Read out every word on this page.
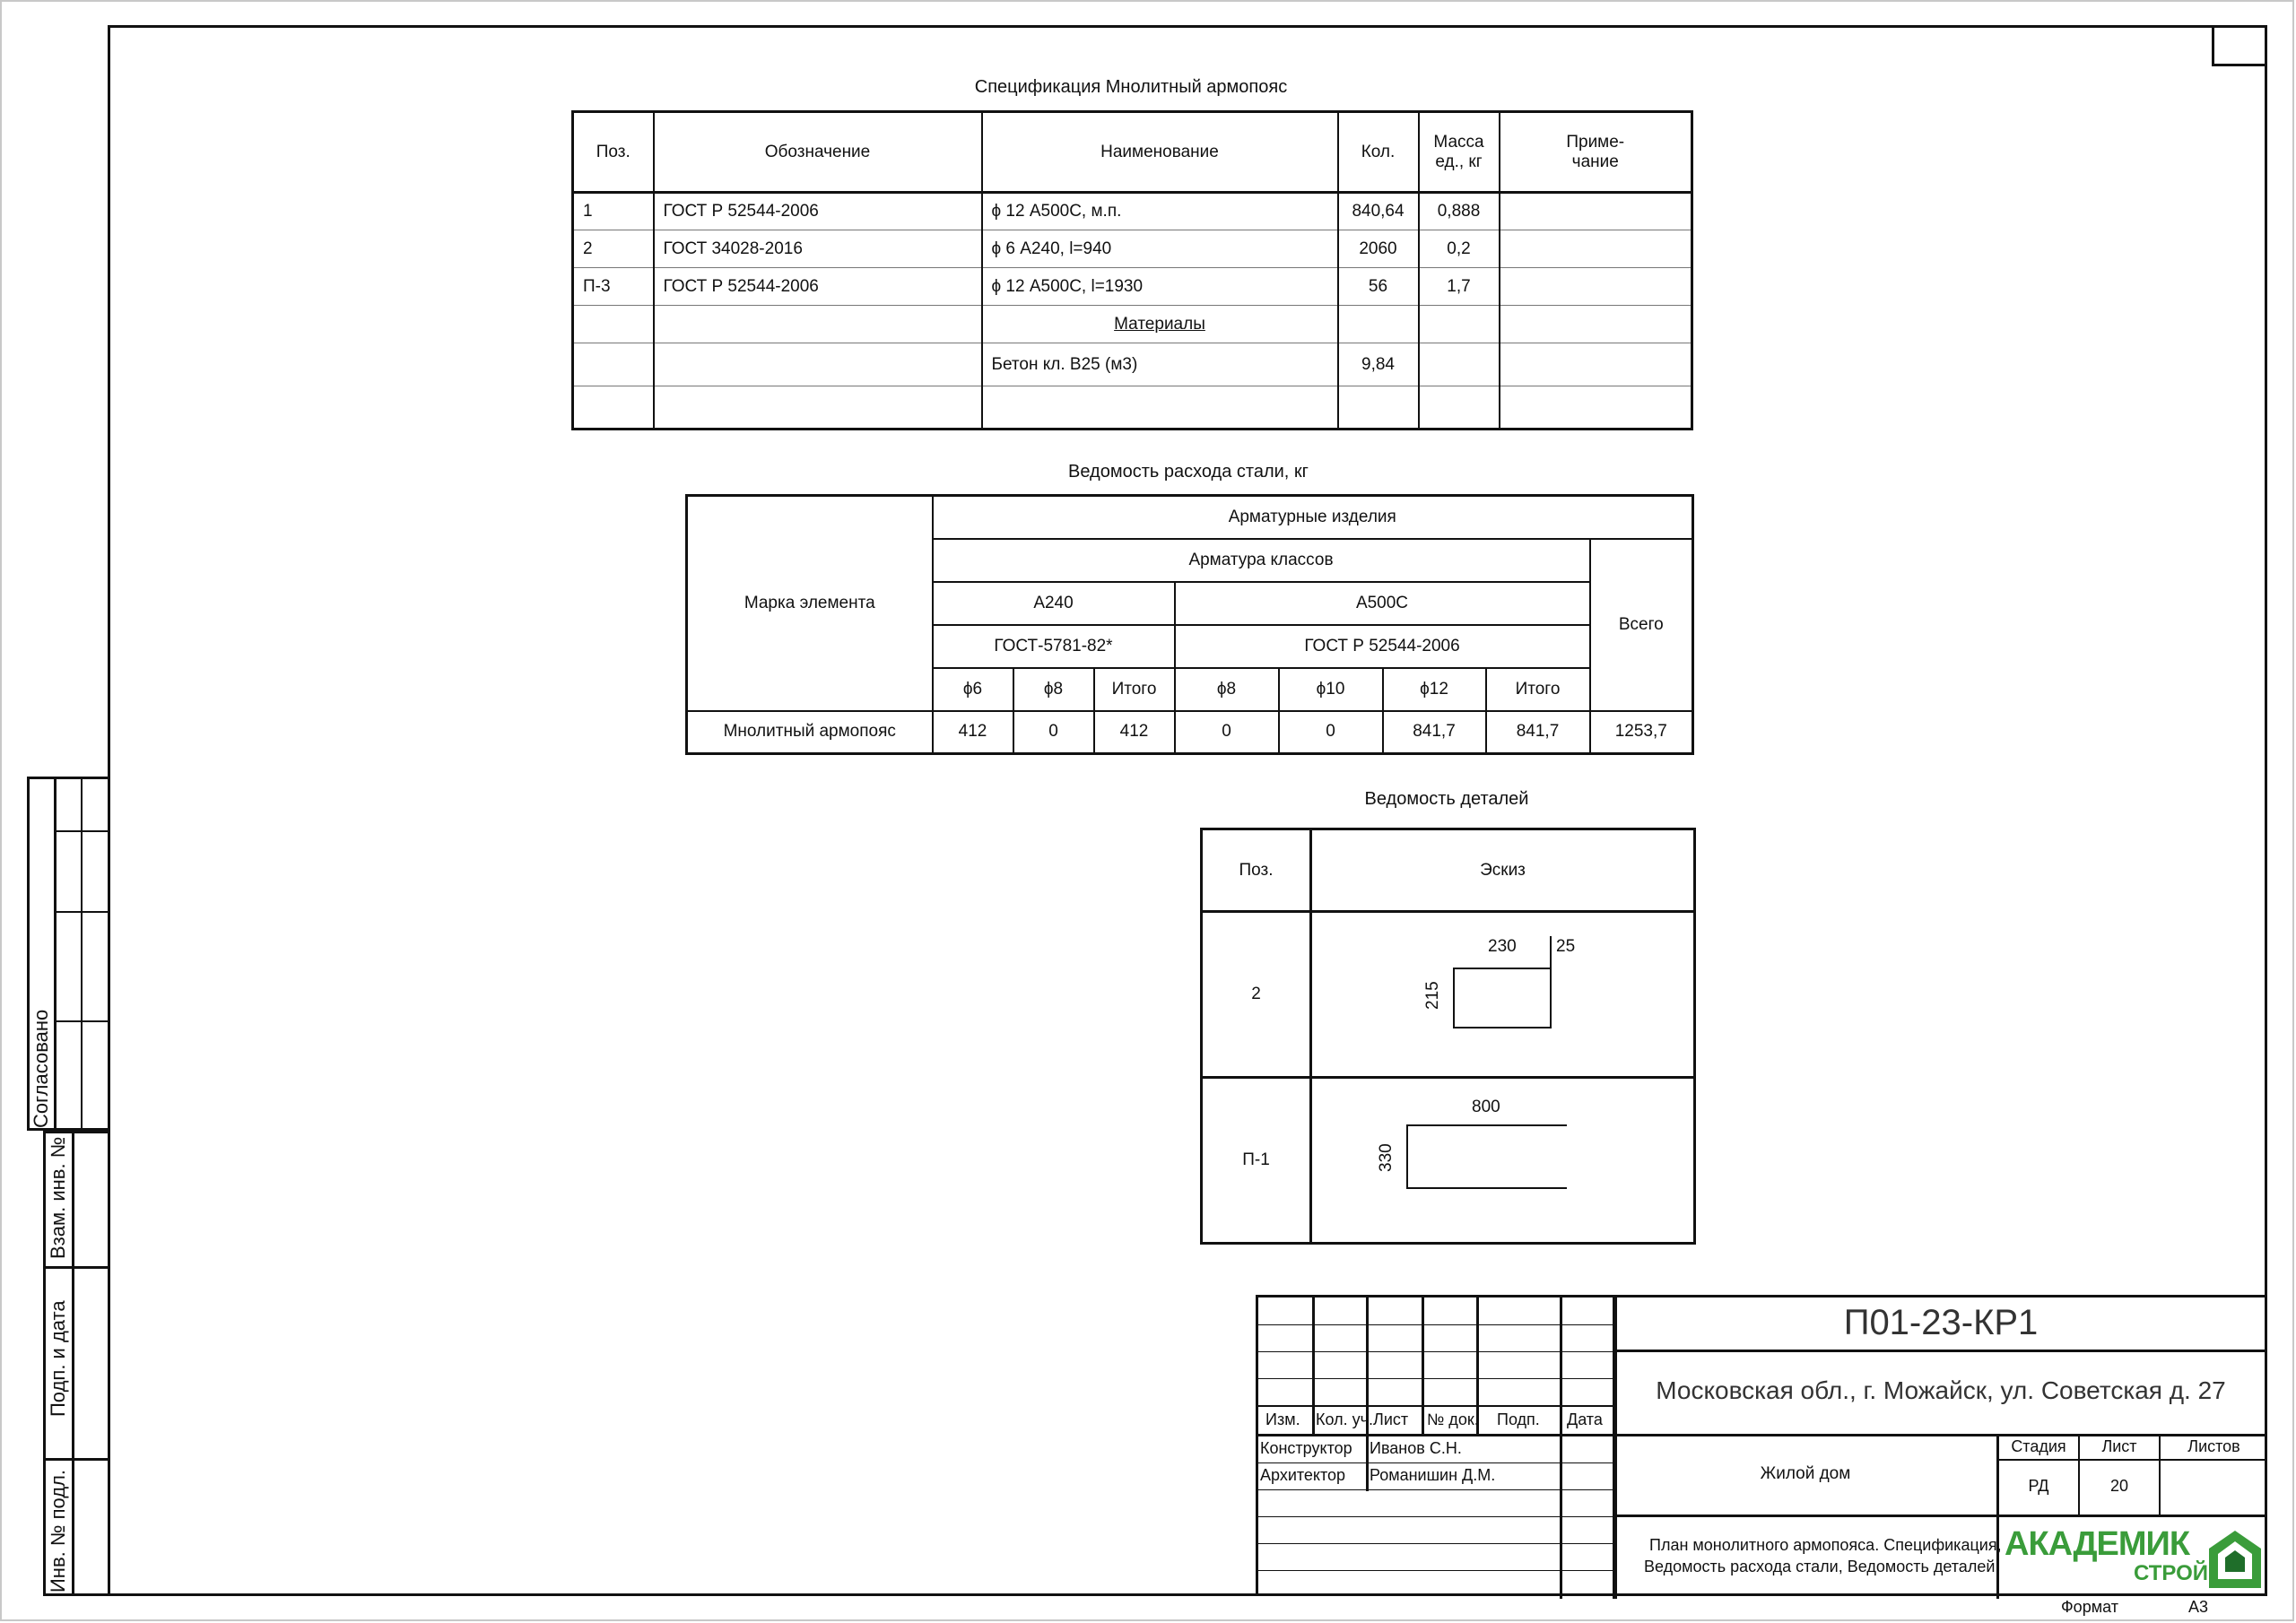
Спецификация Мнолитный армопояс
Поз.	Обозначение	Наименование	Кол.	Масса ед., кг	Приме- чание
1	ГОСТ Р 52544-2006	ϕ 12 А500С, м.п.	840,64	0,888	
2	ГОСТ 34028-2016	ϕ 6 А240, l=940	2060	0,2	
П-3	ГОСТ Р 52544-2006	ϕ 12 А500С, l=1930	56	1,7	
		Материалы			
		Бетон кл. В25 (м3)	9,84		

Ведомость расхода стали, кг
Марка элемента	Арматурные изделия							
	Арматура классов							Всего
	А240			А500С				
	ГОСТ-5781-82*			ГОСТ Р 52544-2006				
	ϕ6	ϕ8	Итого	ϕ8	ϕ10	ϕ12	Итого	
Мнолитный армопояс	412	0	412	0	0	841,7	841,7	1253,7
Ведомость деталей
Поз.	Эскиз
2	230 25
215

П-1	800
330
Согласовано
Взам. инв. №
Подп. и дата
Инв. № подл.
Изм. Кол. уч. Лист № док. Подп. Дата
Конструктор Иванов С.Н.
Архитектор Романишин Д.М.
П01-23-КР1
Московская обл., г. Можайск, ул. Советская д. 27
Жилой дом
План монолитного армопояса. Спецификация,
Ведомость расхода стали, Ведомость деталей
Стадия	Лист	Листов
РД	20
АКАДЕМИК
СТРОЙ
Формат	А3
